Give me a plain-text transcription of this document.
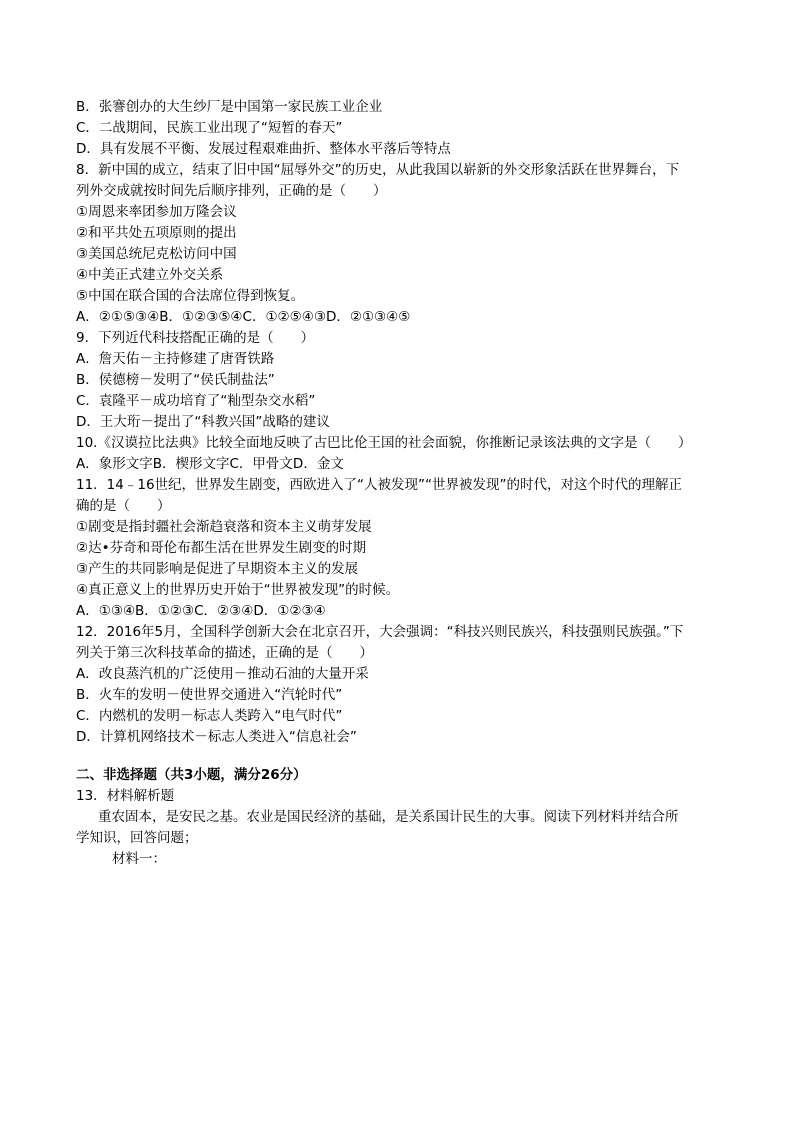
B．张謇创办的大生纱厂是中国第一家民族工业企业
C．二战期间，民族工业出现了“短暂的春天”
D．具有发展不平衡、发展过程艰难曲折、整体水平落后等特点
8．新中国的成立，结束了旧中国“屈辱外交”的历史，从此我国以崭新的外交形象活跃在世界舞台，下
列外交成就按时间先后顺序排列，正确的是（　　）
①周恩来率团参加万隆会议
②和平共处五项原则的提出
③美国总统尼克松访问中国
④中美正式建立外交关系
⑤中国在联合国的合法席位得到恢复。
A．②①⑤③④B．①②③⑤④C．①②⑤④③D．②①③④⑤
9．下列近代科技搭配正确的是（　　）
A．詹天佑－主持修建了唐胥铁路
B．侯德榜－发明了“侯氏制盐法”
C．袁隆平－成功培育了“籼型杂交水稻”
D．王大珩－提出了“科教兴国”战略的建议
10.《汉谟拉比法典》比较全面地反映了古巴比伦王国的社会面貌，你推断记录该法典的文字是（　　）
A．象形文字B．楔形文字C．甲骨文D．金文
11．14﹣16世纪，世界发生剧变，西欧进入了“人被发现”“世界被发现”的时代，对这个时代的理解正
确的是（　　）
①剧变是指封疆社会渐趋衰落和资本主义萌芽发展
②达•芬奇和哥伦布都生活在世界发生剧变的时期
③产生的共同影响是促进了早期资本主义的发展
④真正意义上的世界历史开始于“世界被发现”的时候。
A．①③④B．①②③C．②③④D．①②③④
12．2016年5月，全国科学创新大会在北京召开，大会强调：“科技兴则民族兴，科技强则民族强。”下
列关于第三次科技革命的描述，正确的是（　　）
A．改良蒸汽机的广泛使用－推动石油的大量开采
B．火车的发明－使世界交通进入“汽轮时代”
C．内燃机的发明－标志人类跨入“电气时代”
D．计算机网络技术－标志人类进入“信息社会”
二、非选择题（共3小题，满分26分）
13．材料解析题
重农固本，是安民之基。农业是国民经济的基础，是关系国计民生的大事。阅读下列材料并结合所
学知识，回答问题；
材料一：
